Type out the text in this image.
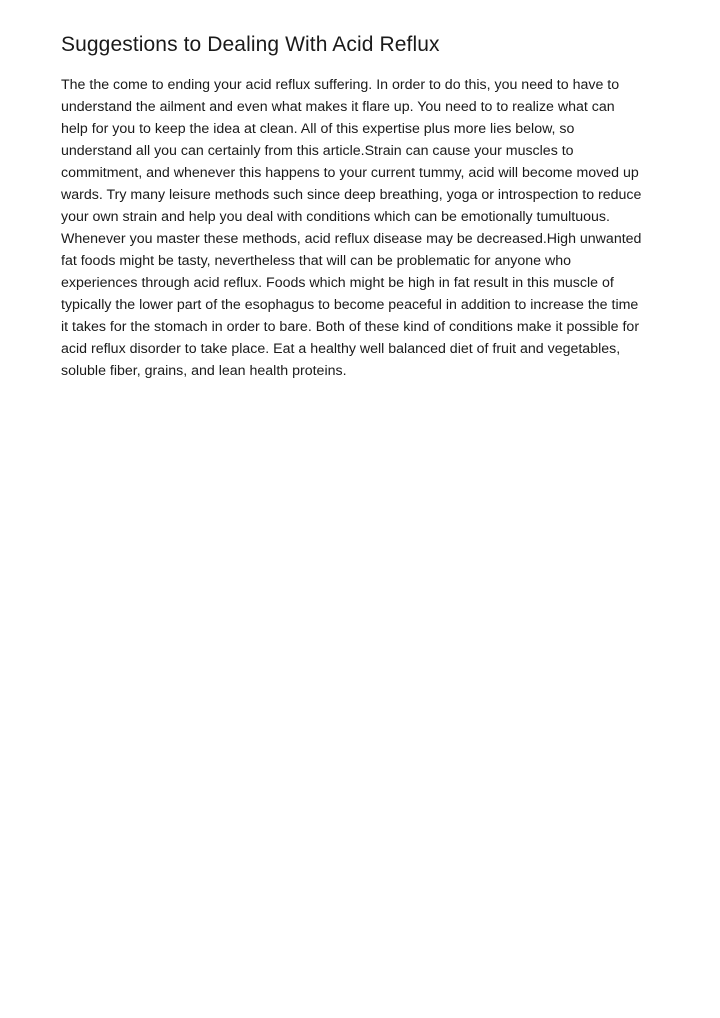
Suggestions to Dealing With Acid Reflux

The the come to ending your acid reflux suffering. In order to do this, you need to have to
understand the ailment and even what makes it flare up. You need to to realize what can
help for you to keep the idea at clean. All of this expertise plus more lies below, so
understand all you can certainly from this article.Strain can cause your muscles to
commitment, and whenever this happens to your current tummy, acid will become moved up
wards. Try many leisure methods such since deep breathing, yoga or introspection to reduce
your own strain and help you deal with conditions which can be emotionally tumultuous.
Whenever you master these methods, acid reflux disease may be decreased.High unwanted
fat foods might be tasty, nevertheless that will can be problematic for anyone who
experiences through acid reflux. Foods which might be high in fat result in this muscle of
typically the lower part of the esophagus to become peaceful in addition to increase the time
it takes for the stomach in order to bare. Both of these kind of conditions make it possible for
acid reflux disorder to take place. Eat a healthy well balanced diet of fruit and vegetables,
soluble fiber, grains, and lean health proteins.
